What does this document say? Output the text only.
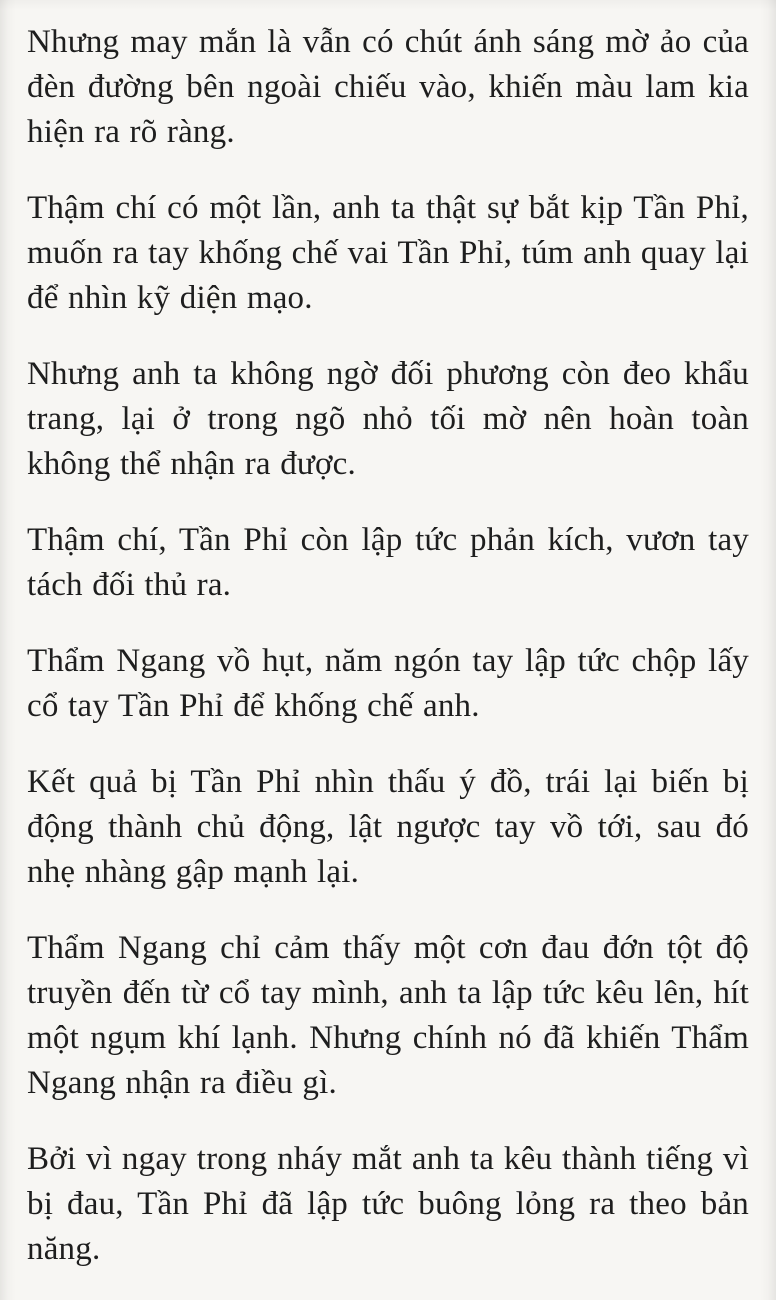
Nhưng may mắn là vẫn có chút ánh sáng mờ ảo của đèn đường bên ngoài chiếu vào, khiến màu lam kia hiện ra rõ ràng.

Thậm chí có một lần, anh ta thật sự bắt kịp Tần Phỉ, muốn ra tay khống chế vai Tần Phỉ, túm anh quay lại để nhìn kỹ diện mạo.

Nhưng anh ta không ngờ đối phương còn đeo khẩu trang, lại ở trong ngõ nhỏ tối mờ nên hoàn toàn không thể nhận ra được.

Thậm chí, Tần Phỉ còn lập tức phản kích, vươn tay tách đối thủ ra.

Thẩm Ngang vồ hụt, năm ngón tay lập tức chộp lấy cổ tay Tần Phỉ để khống chế anh.

Kết quả bị Tần Phỉ nhìn thấu ý đồ, trái lại biến bị động thành chủ động, lật ngược tay vồ tới, sau đó nhẹ nhàng gập mạnh lại.

Thẩm Ngang chỉ cảm thấy một cơn đau đớn tột độ truyền đến từ cổ tay mình, anh ta lập tức kêu lên, hít một ngụm khí lạnh. Nhưng chính nó đã khiến Thẩm Ngang nhận ra điều gì.

Bởi vì ngay trong nháy mắt anh ta kêu thành tiếng vì bị đau, Tần Phỉ đã lập tức buông lỏng ra theo bản năng.
